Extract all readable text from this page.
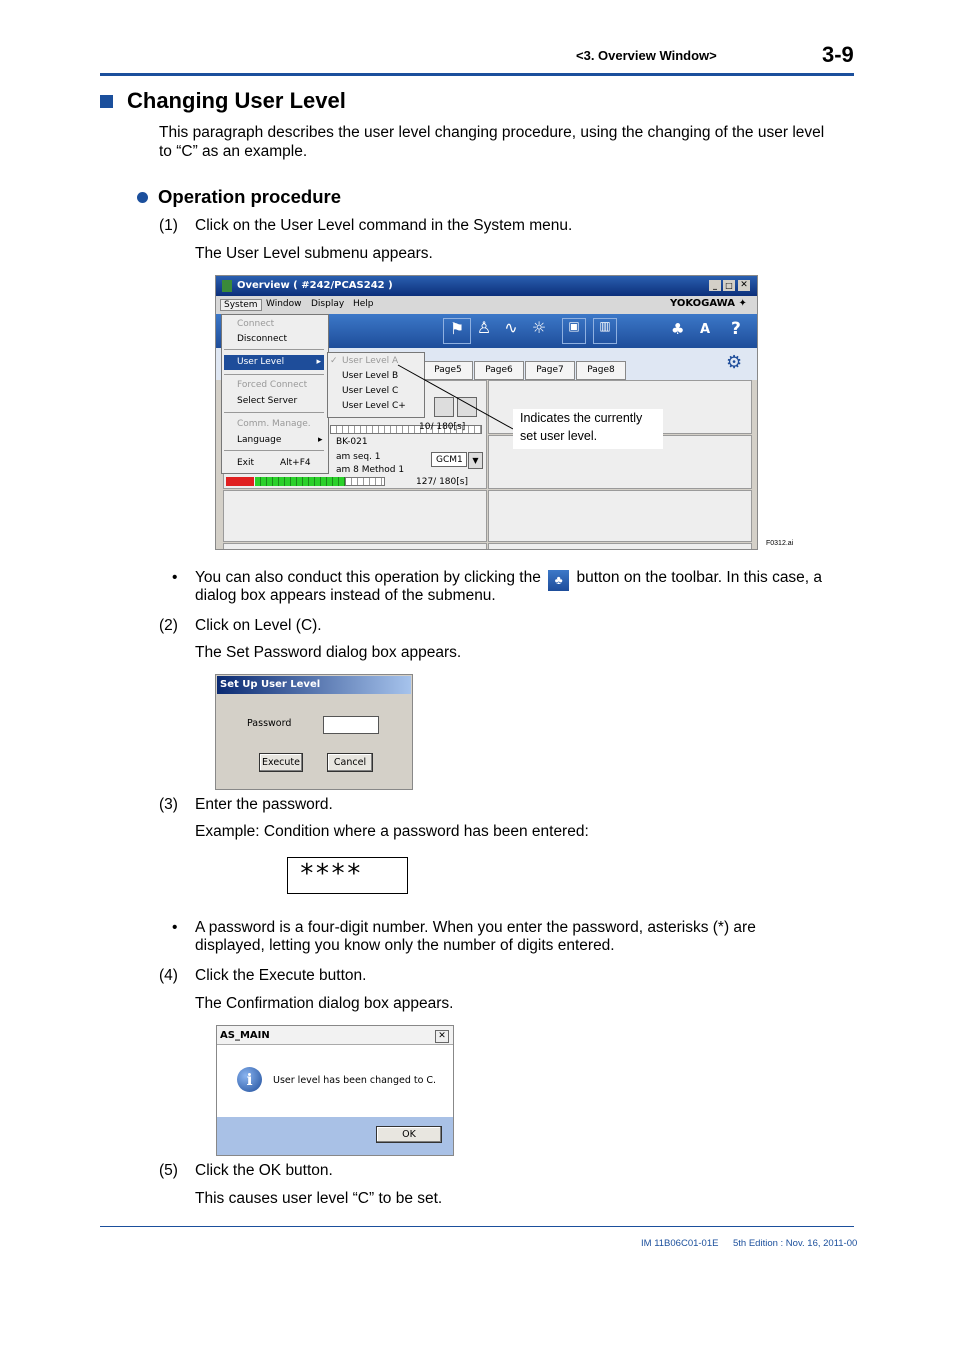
<3. Overview Window>	3-9
Changing User Level
This paragraph describes the user level changing procedure, using the changing of the user level
to “C” as an example.
Operation procedure
(1) Click on the User Level command in the System menu.
The User Level submenu appears.
Overview ( #242/PCAS242 )	_	□ ✕
System Window Display Help	YOKOGAWA ✦
⚑ ♙ ∿ ☼	▣	▥	♣ A ?
⚙
Page5	Page6	Page7	Page8
10/ 180[s]
BK-021
am seq. 1
am 8 Method 1
GCM1	▼
127/ 180[s]
Connect
Disconnect
User Level	▸
Forced Connect
Select Server
Comm. Manage.
Language	▸
Exit	Alt+F4
✓ User Level A
User Level B
User Level C
User Level C+
Indicates the currently
set user level.
F0312.ai
• You can also conduct this operation by clicking the ♣ button on the toolbar. In this case, a
dialog box appears instead of the submenu.
(2) Click on Level (C).
The Set Password dialog box appears.
Set Up User Level
Password
Execute	Cancel
(3) Enter the password.
Example: Condition where a password has been entered:
****
• A password is a four-digit number. When you enter the password, asterisks (*) are
displayed, letting you know only the number of digits entered.
(4) Click the Execute button.
The Confirmation dialog box appears.
AS_MAIN	✕
i	User level has been changed to C.
OK
(5) Click the OK button.
This causes user level “C” to be set.
IM 11B06C01-01E 5th Edition : Nov. 16, 2011-00
